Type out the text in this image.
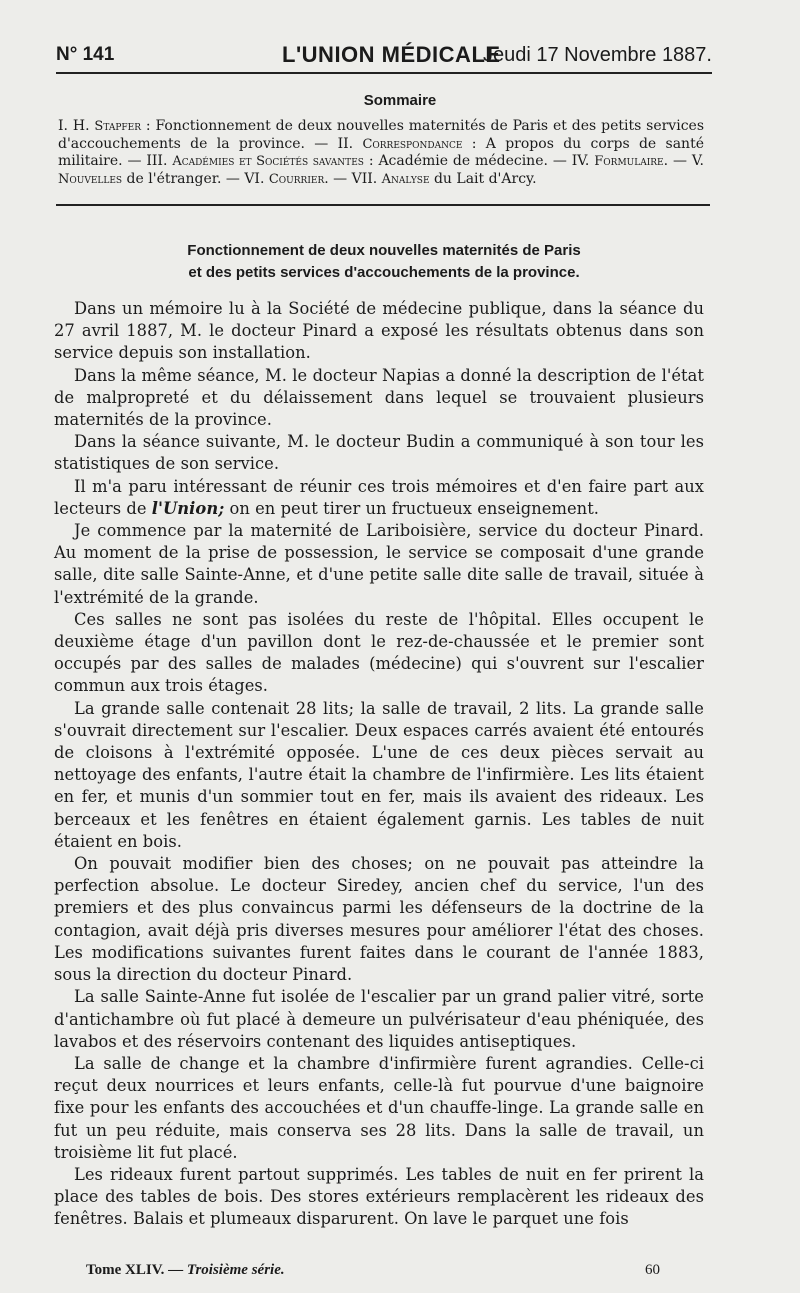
N° 141	L'UNION MÉDICALE
Jeudi 17 Novembre 1887.
Sommaire
I. H. Stapfer : Fonctionnement de deux nouvelles maternités de Paris et des petits services d'accouchements de la province. — II. Correspondance : A propos du corps de santé militaire. — III. Académies et Sociétés savantes : Académie de médecine. — IV. Formulaire. — V. Nouvelles de l'étranger. — VI. Courrier. — VII. Analyse du Lait d'Arcy.
Fonctionnement de deux nouvelles maternités de Paris
et des petits services d'accouchements de la province.

Dans un mémoire lu à la Société de médecine publique, dans la séance du 27 avril 1887, M. le docteur Pinard a exposé les résultats obtenus dans son service depuis son installation.

Dans la même séance, M. le docteur Napias a donné la description de l'état de malpropreté et du délaissement dans lequel se trouvaient plusieurs maternités de la province.

Dans la séance suivante, M. le docteur Budin a communiqué à son tour les statistiques de son service.

Il m'a paru intéressant de réunir ces trois mémoires et d'en faire part aux lecteurs de l'Union; on en peut tirer un fructueux enseignement.

Je commence par la maternité de Lariboisière, service du docteur Pinard. Au moment de la prise de possession, le service se composait d'une grande salle, dite salle Sainte-Anne, et d'une petite salle dite salle de travail, située à l'extrémité de la grande.

Ces salles ne sont pas isolées du reste de l'hôpital. Elles occupent le deuxième étage d'un pavillon dont le rez-de-chaussée et le premier sont occupés par des salles de malades (médecine) qui s'ouvrent sur l'escalier commun aux trois étages.

La grande salle contenait 28 lits; la salle de travail, 2 lits. La grande salle s'ouvrait directement sur l'escalier. Deux espaces carrés avaient été entourés de cloisons à l'extrémité opposée. L'une de ces deux pièces servait au nettoyage des enfants, l'autre était la chambre de l'infirmière. Les lits étaient en fer, et munis d'un sommier tout en fer, mais ils avaient des rideaux. Les berceaux et les fenêtres en étaient également garnis. Les tables de nuit étaient en bois.

On pouvait modifier bien des choses; on ne pouvait pas atteindre la perfection absolue. Le docteur Siredey, ancien chef du service, l'un des premiers et des plus convaincus parmi les défenseurs de la doctrine de la contagion, avait déjà pris diverses mesures pour améliorer l'état des choses. Les modifications suivantes furent faites dans le courant de l'année 1883, sous la direction du docteur Pinard.

La salle Sainte-Anne fut isolée de l'escalier par un grand palier vitré, sorte d'antichambre où fut placé à demeure un pulvérisateur d'eau phéniquée, des lavabos et des réservoirs contenant des liquides antiseptiques.

La salle de change et la chambre d'infirmière furent agrandies. Celle-ci reçut deux nourrices et leurs enfants, celle-là fut pourvue d'une baignoire fixe pour les enfants des accouchées et d'un chauffe-linge. La grande salle en fut un peu réduite, mais conserva ses 28 lits. Dans la salle de travail, un troisième lit fut placé.

Les rideaux furent partout supprimés. Les tables de nuit en fer prirent la place des tables de bois. Des stores extérieurs remplacèrent les rideaux des fenêtres. Balais et plumeaux disparurent. On lave le parquet une fois

Tome XLIV. — Troisième série.	60
